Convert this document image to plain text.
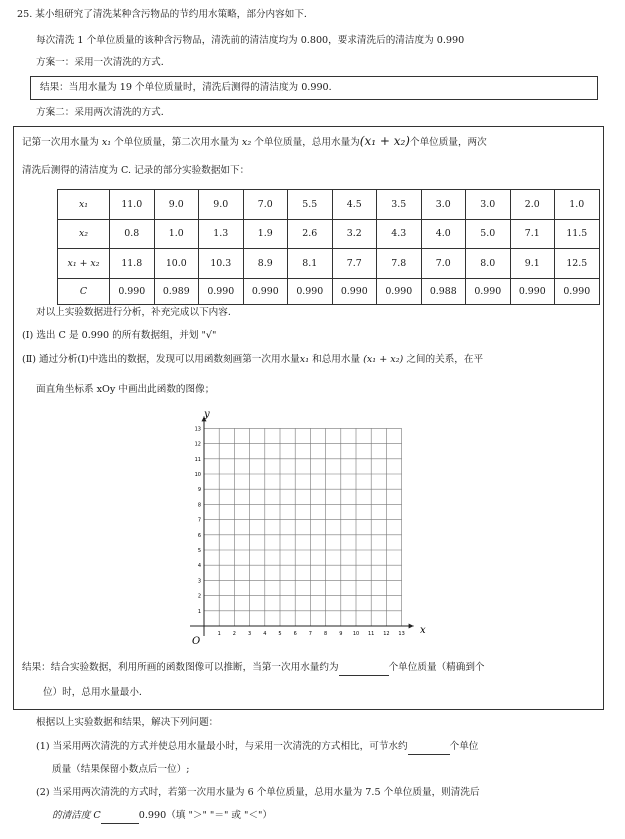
25. 某小组研究了清洗某种含污物品的节约用水策略，部分内容如下．
每次清洗 1 个单位质量的该种含污物品，清洗前的清洁度均为 0.800，要求清洗后的清洁度为 0.990
方案一：采用一次清洗的方式．
结果：当用水量为 19 个单位质量时，清洗后测得的清洁度为 0.990．
方案二：采用两次清洗的方式．
记第一次用水量为 x₁ 个单位质量，第二次用水量为 x₂ 个单位质量，总用水量为(x₁ + x₂)个单位质量，两次
清洗后测得的清洁度为 C. 记录的部分实验数据如下：
x₁	11.0	9.0	9.0	7.0	5.5	4.5	3.5	3.0	3.0	2.0	1.0
x₂	0.8	1.0	1.3	1.9	2.6	3.2	4.3	4.0	5.0	7.1	11.5
x₁ + x₂	11.8	10.0	10.3	8.9	8.1	7.7	7.8	7.0	8.0	9.1	12.5
C	0.990	0.989	0.990	0.990	0.990	0.990	0.990	0.988	0.990	0.990	0.990
对以上实验数据进行分析，补充完成以下内容．
(Ⅰ) 选出 C 是 0.990 的所有数据组，并划 "√"
(Ⅱ) 通过分析(Ⅰ)中选出的数据，发现可以用函数刻画第一次用水量x₁ 和总用水量 (x₁ + x₂) 之间的关系，在平
面直角坐标系 xOy 中画出此函数的图像；
1 2 3 4 5 6 7 8 9 10 11 12 13
1
2
3
4
5
6
7
8
9
10
11
12
13
x
y
O
结果：结合实验数据，利用所画的函数图像可以推断，当第一次用水量约为	个单位质量（精确到个
位）时，总用水量最小．
根据以上实验数据和结果，解决下列问题：
(1) 当采用两次清洗的方式并使总用水量最小时，与采用一次清洗的方式相比，可节水约	个单位
质量（结果保留小数点后一位）;
(2) 当采用两次清洗的方式时，若第一次用水量为 6 个单位质量，总用水量为 7.5 个单位质量，则清洗后
的清洁度 C	0.990（填 "＞" "＝" 或 "＜"）
